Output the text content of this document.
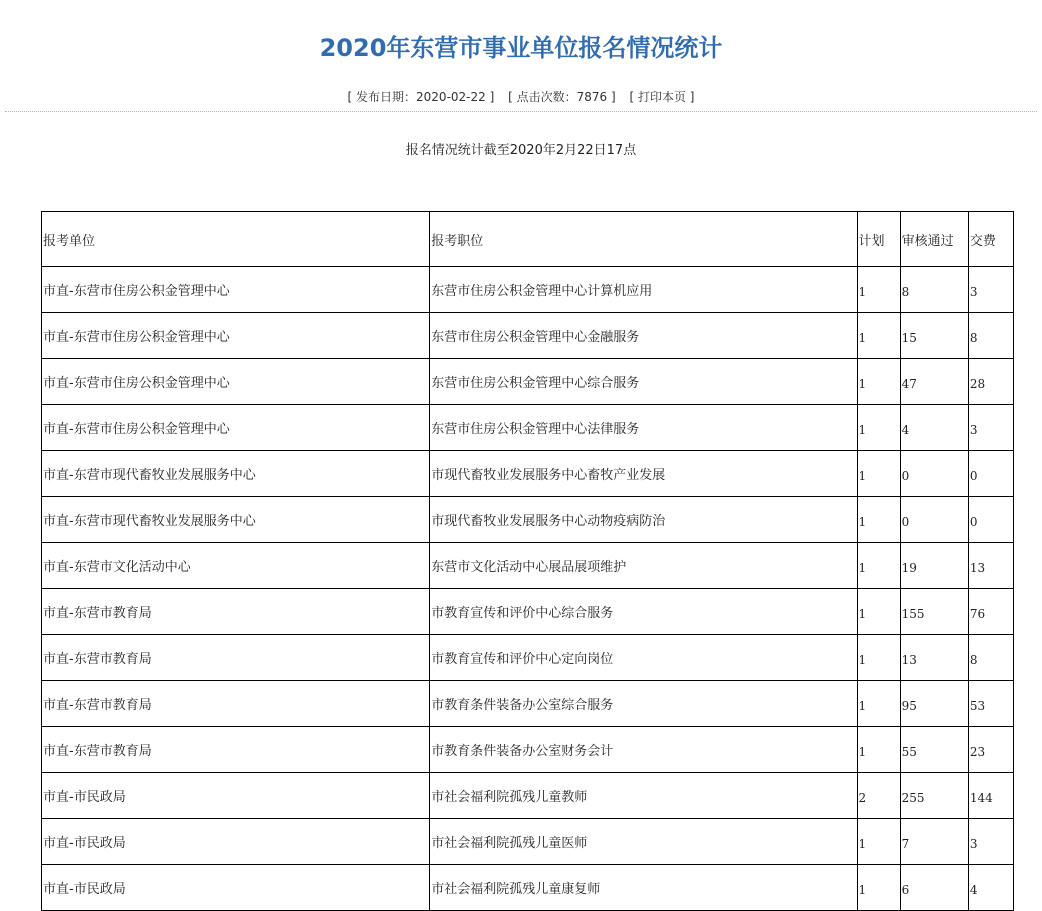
2020年东营市事业单位报名情况统计
[ 发布日期：2020-02-22 ] [ 点击次数：7876 ] [ 打印本页 ]
报名情况统计截至2020年2月22日17点
报考单位	报考职位	计划	审核通过	交费
市直-东营市住房公积金管理中心	东营市住房公积金管理中心计算机应用	1	8	3
市直-东营市住房公积金管理中心	东营市住房公积金管理中心金融服务	1	15	8
市直-东营市住房公积金管理中心	东营市住房公积金管理中心综合服务	1	47	28
市直-东营市住房公积金管理中心	东营市住房公积金管理中心法律服务	1	4	3
市直-东营市现代畜牧业发展服务中心	市现代畜牧业发展服务中心畜牧产业发展	1	0	0
市直-东营市现代畜牧业发展服务中心	市现代畜牧业发展服务中心动物疫病防治	1	0	0
市直-东营市文化活动中心	东营市文化活动中心展品展项维护	1	19	13
市直-东营市教育局	市教育宣传和评价中心综合服务	1	155	76
市直-东营市教育局	市教育宣传和评价中心定向岗位	1	13	8
市直-东营市教育局	市教育条件装备办公室综合服务	1	95	53
市直-东营市教育局	市教育条件装备办公室财务会计	1	55	23
市直-市民政局	市社会福利院孤残儿童教师	2	255	144
市直-市民政局	市社会福利院孤残儿童医师	1	7	3
市直-市民政局	市社会福利院孤残儿童康复师	1	6	4
